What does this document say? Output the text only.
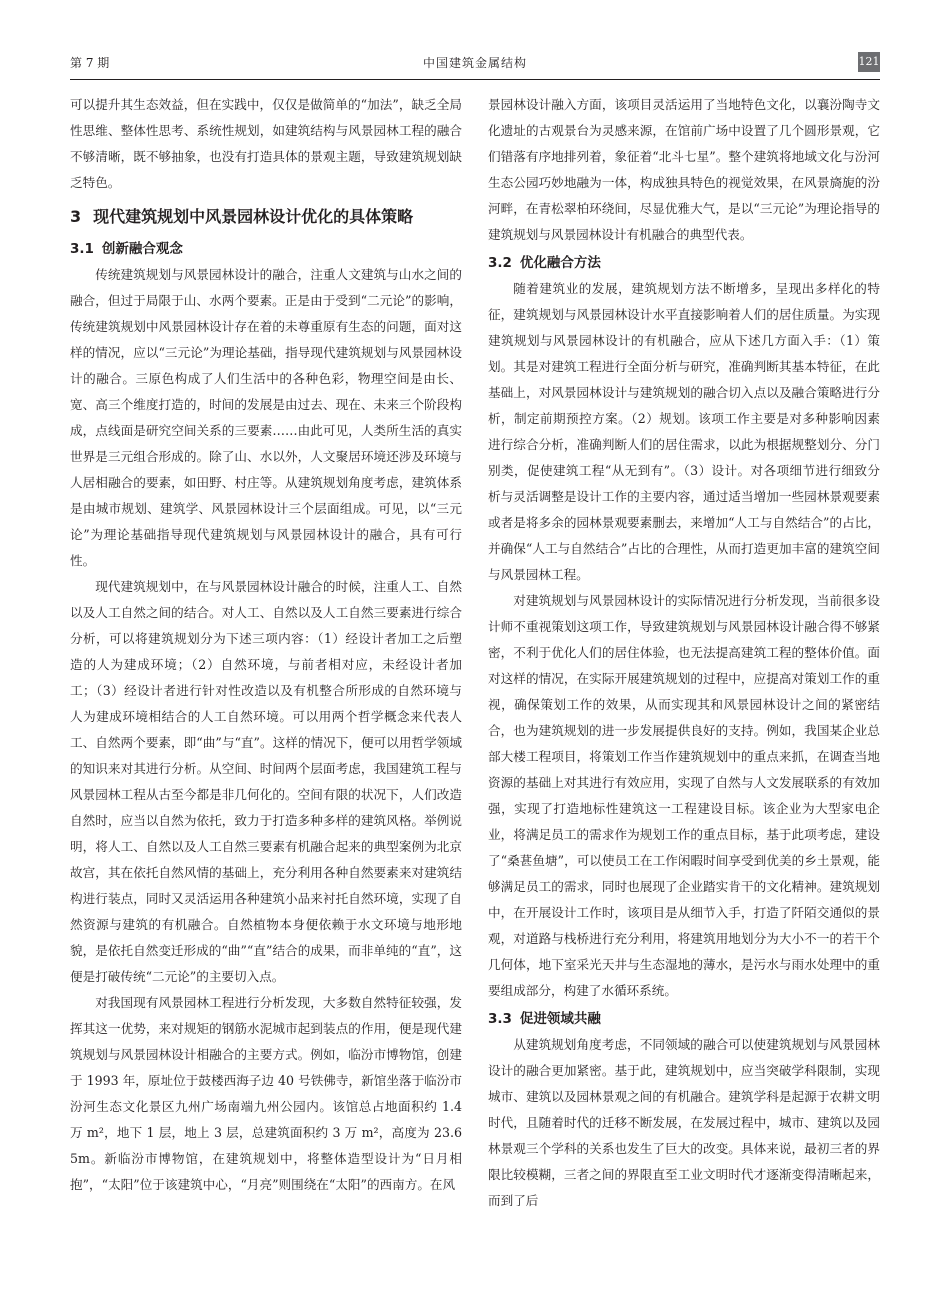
第 7 期	中国建筑金属结构	121

可以提升其生态效益，但在实践中，仅仅是做简单的“加法”，缺乏全局性思维、整体性思考、系统性规划，如建筑结构与风景园林工程的融合不够清晰，既不够抽象，也没有打造具体的景观主题，导致建筑规划缺乏特色。

3 现代建筑规划中风景园林设计优化的具体策略
3.1 创新融合观念

传统建筑规划与风景园林设计的融合，注重人文建筑与山水之间的融合，但过于局限于山、水两个要素。正是由于受到“二元论”的影响，传统建筑规划中风景园林设计存在着的未尊重原有生态的问题，面对这样的情况，应以“三元论”为理论基础，指导现代建筑规划与风景园林设计的融合。三原色构成了人们生活中的各种色彩，物理空间是由长、宽、高三个维度打造的，时间的发展是由过去、现在、未来三个阶段构成，点线面是研究空间关系的三要素……由此可见，人类所生活的真实世界是三元组合形成的。除了山、水以外，人文聚居环境还涉及环境与人居相融合的要素，如田野、村庄等。从建筑规划角度考虑，建筑体系是由城市规划、建筑学、风景园林设计三个层面组成。可见，以“三元论”为理论基础指导现代建筑规划与风景园林设计的融合，具有可行性。

现代建筑规划中，在与风景园林设计融合的时候，注重人工、自然以及人工自然之间的结合。对人工、自然以及人工自然三要素进行综合分析，可以将建筑规划分为下述三项内容：（1）经设计者加工之后塑造的人为建成环境；（2）自然环境，与前者相对应，未经设计者加工；（3）经设计者进行针对性改造以及有机整合所形成的自然环境与人为建成环境相结合的人工自然环境。可以用两个哲学概念来代表人工、自然两个要素，即“曲”与“直”。这样的情况下，便可以用哲学领域的知识来对其进行分析。从空间、时间两个层面考虑，我国建筑工程与风景园林工程从古至今都是非几何化的。空间有限的状况下，人们改造自然时，应当以自然为依托，致力于打造多种多样的建筑风格。举例说明，将人工、自然以及人工自然三要素有机融合起来的典型案例为北京故宫，其在依托自然风情的基础上，充分利用各种自然要素来对建筑结构进行装点，同时又灵活运用各种建筑小品来衬托自然环境，实现了自然资源与建筑的有机融合。自然植物本身便依赖于水文环境与地形地貌，是依托自然变迁形成的“曲”“直”结合的成果，而非单纯的“直”，这便是打破传统“二元论”的主要切入点。

对我国现有风景园林工程进行分析发现，大多数自然特征较强，发挥其这一优势，来对规矩的钢筋水泥城市起到装点的作用，便是现代建筑规划与风景园林设计相融合的主要方式。例如，临汾市博物馆，创建于 1993 年，原址位于鼓楼西海子边 40 号铁佛寺，新馆坐落于临汾市汾河生态文化景区九州广场南端九州公园内。该馆总占地面积约 1.4 万 m²，地下 1 层，地上 3 层，总建筑面积约 3 万 m²，高度为 23.65m。新临汾市博物馆，在建筑规划中，将整体造型设计为“日月相抱”，“太阳”位于该建筑中心，“月亮”则围绕在“太阳”的西南方。在风

景园林设计融入方面，该项目灵活运用了当地特色文化，以襄汾陶寺文化遗址的古观景台为灵感来源，在馆前广场中设置了几个圆形景观，它们错落有序地排列着，象征着“北斗七星”。整个建筑将地域文化与汾河生态公园巧妙地融为一体，构成独具特色的视觉效果，在风景旖旎的汾河畔，在青松翠柏环绕间，尽显优雅大气，是以“三元论”为理论指导的建筑规划与风景园林设计有机融合的典型代表。

3.2 优化融合方法

随着建筑业的发展，建筑规划方法不断增多，呈现出多样化的特征，建筑规划与风景园林设计水平直接影响着人们的居住质量。为实现建筑规划与风景园林设计的有机融合，应从下述几方面入手：（1）策划。其是对建筑工程进行全面分析与研究，准确判断其基本特征，在此基础上，对风景园林设计与建筑规划的融合切入点以及融合策略进行分析，制定前期预控方案。（2）规划。该项工作主要是对多种影响因素进行综合分析，准确判断人们的居住需求，以此为根据规整划分、分门别类，促使建筑工程“从无到有”。（3）设计。对各项细节进行细致分析与灵活调整是设计工作的主要内容，通过适当增加一些园林景观要素或者是将多余的园林景观要素删去，来增加“人工与自然结合”的占比，并确保“人工与自然结合”占比的合理性，从而打造更加丰富的建筑空间与风景园林工程。

对建筑规划与风景园林设计的实际情况进行分析发现，当前很多设计师不重视策划这项工作，导致建筑规划与风景园林设计融合得不够紧密，不利于优化人们的居住体验，也无法提高建筑工程的整体价值。面对这样的情况，在实际开展建筑规划的过程中，应提高对策划工作的重视，确保策划工作的效果，从而实现其和风景园林设计之间的紧密结合，也为建筑规划的进一步发展提供良好的支持。例如，我国某企业总部大楼工程项目，将策划工作当作建筑规划中的重点来抓，在调查当地资源的基础上对其进行有效应用，实现了自然与人文发展联系的有效加强，实现了打造地标性建筑这一工程建设目标。该企业为大型家电企业，将满足员工的需求作为规划工作的重点目标，基于此项考虑，建设了“桑葚鱼塘”，可以使员工在工作闲暇时间享受到优美的乡土景观，能够满足员工的需求，同时也展现了企业踏实肯干的文化精神。建筑规划中，在开展设计工作时，该项目是从细节入手，打造了阡陌交通似的景观，对道路与栈桥进行充分利用，将建筑用地划分为大小不一的若干个几何体，地下室采光天井与生态湿地的薄水，是污水与雨水处理中的重要组成部分，构建了水循环系统。

3.3 促进领域共融

从建筑规划角度考虑，不同领域的融合可以使建筑规划与风景园林设计的融合更加紧密。基于此，建筑规划中，应当突破学科限制，实现城市、建筑以及园林景观之间的有机融合。建筑学科是起源于农耕文明时代，且随着时代的迁移不断发展，在发展过程中，城市、建筑以及园林景观三个学科的关系也发生了巨大的改变。具体来说，最初三者的界限比较模糊，三者之间的界限直至工业文明时代才逐渐变得清晰起来，而到了后
